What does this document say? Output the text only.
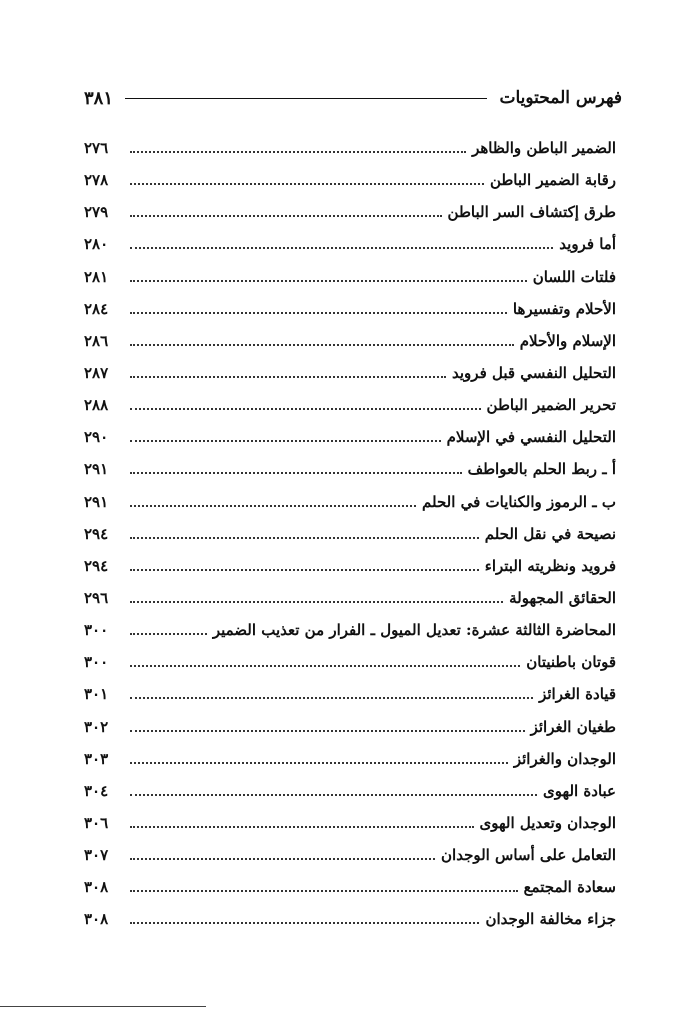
فهرس المحتويات
٣٨١
الضمير الباطن والظاهر
٢٧٦
رقابة الضمير الباطن
٢٧٨
طرق إكتشاف السر الباطن
٢٧٩
أما فرويد
٢٨٠
فلتات اللسان
٢٨١
الأحلام وتفسيرها
٢٨٤
الإسلام والأحلام
٢٨٦
التحليل النفسي قبل فرويد
٢٨٧
تحرير الضمير الباطن
٢٨٨
التحليل النفسي في الإسلام
٢٩٠
أ ـ ربط الحلم بالعواطف
٢٩١
ب ـ الرموز والكنايات في الحلم
٢٩١
نصيحة في نقل الحلم
٢٩٤
فرويد ونظريته البتراء
٢٩٤
الحقائق المجهولة
٢٩٦
المحاضرة الثالثة عشرة: تعديل الميول ـ الفرار من تعذيب الضمير
٣٠٠
قوتان باطنيتان
٣٠٠
قيادة الغرائز
٣٠١
طغيان الغرائز
٣٠٢
الوجدان والغرائز
٣٠٣
عبادة الهوى
٣٠٤
الوجدان وتعديل الهوى
٣٠٦
التعامل على أساس الوجدان
٣٠٧
سعادة المجتمع
٣٠٨
جزاء مخالفة الوجدان
٣٠٨
